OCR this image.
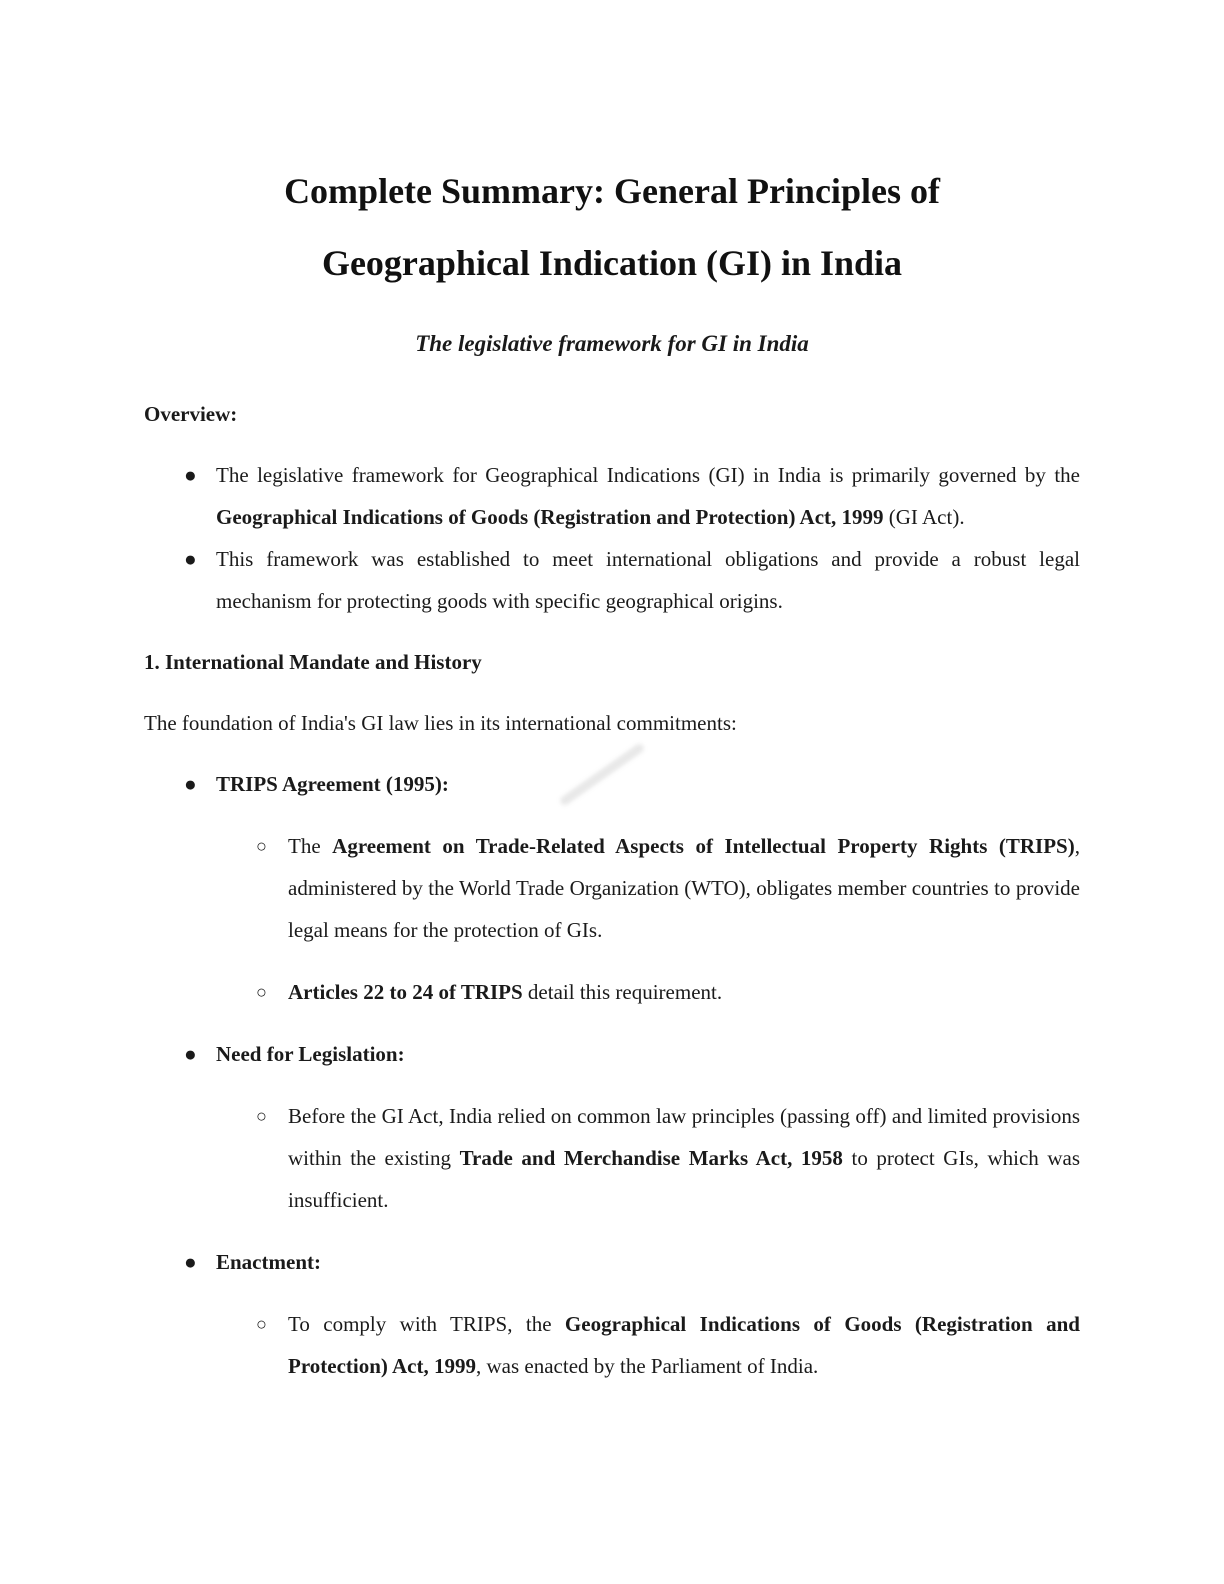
Complete Summary: General Principles of
Geographical Indication (GI) in India

The legislative framework for GI in India

Overview:
● The legislative framework for Geographical Indications (GI) in India is primarily governed by the Geographical Indications of Goods (Registration and Protection) Act, 1999 (GI Act).
● This framework was established to meet international obligations and provide a robust legal mechanism for protecting goods with specific geographical origins.
1. International Mandate and History

The foundation of India's GI law lies in its international commitments:

● TRIPS Agreement (1995):
○	The Agreement on Trade-Related Aspects of Intellectual Property Rights (TRIPS), administered by the World Trade Organization (WTO), obligates member countries to provide legal means for the protection of GIs.
○	Articles 22 to 24 of TRIPS detail this requirement.
● Need for Legislation:
○	Before the GI Act, India relied on common law principles (passing off) and limited provisions within the existing Trade and Merchandise Marks Act, 1958 to protect GIs, which was insufficient.
● Enactment:
○	To comply with TRIPS, the Geographical Indications of Goods (Registration and Protection) Act, 1999, was enacted by the Parliament of India.
